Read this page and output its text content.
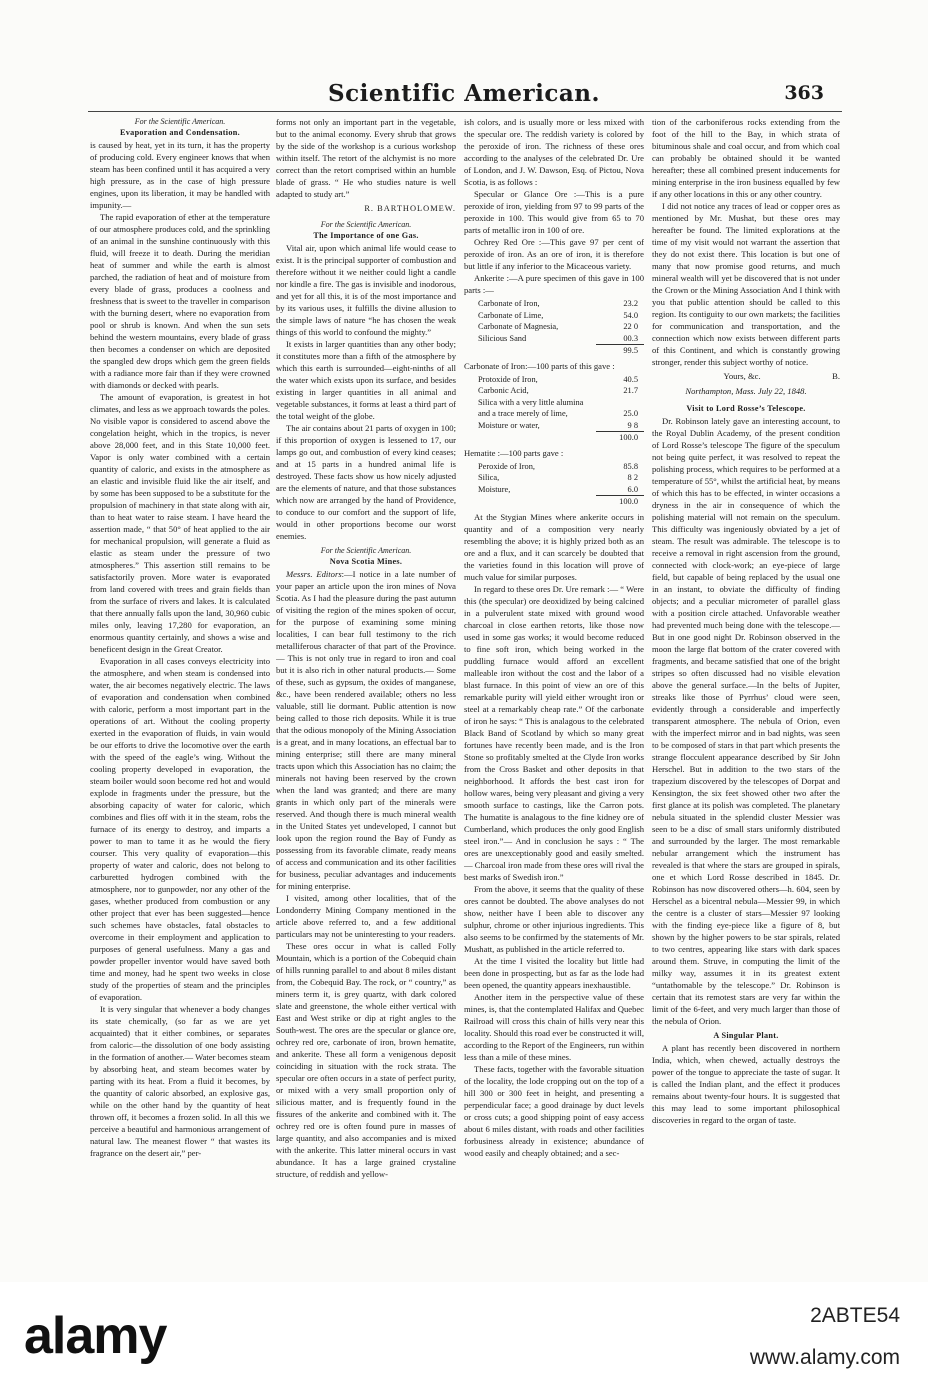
Scientific American.	363
For the Scientific American.
Evaporation and Condensation.

is caused by heat, yet in its turn, it has the property of producing cold. Every engineer knows that when steam has been confined until it has acquired a very high pressure, as in the case of high pressure engines, upon its liberation, it may be handled with impunity.—

The rapid evaporation of ether at the temperature of our atmosphere produces cold, and the sprinkling of an animal in the sunshine continuously with this fluid, will freeze it to death. During the meridian heat of summer and while the earth is almost parched, the radiation of heat and of moisture from every blade of grass, produces a coolness and freshness that is sweet to the traveller in comparison with the burning desert, where no evaporation from pool or shrub is known. And when the sun sets behind the western mountains, every blade of grass then becomes a condenser on which are deposited the spangled dew drops which gem the green fields with a radiance more fair than if they were crowned with diamonds or decked with pearls.

The amount of evaporation, is greatest in hot climates, and less as we approach towards the poles. No visible vapor is considered to ascend above the congelation height, which in the tropics, is never above 28,000 feet, and in this State 10,000 feet. Vapor is only water combined with a certain quantity of caloric, and exists in the atmosphere as an elastic and invisible fluid like the air itself, and by some has been supposed to be a substitute for the propulsion of machinery in that state along with air, than to heat water to raise steam. I have heard the assertion made, “ that 50° of heat applied to the air for mechanical propulsion, will generate a fluid as elastic as steam under the pressure of two atmospheres.” This assertion still remains to be satisfactorily proven. More water is evaporated from land covered with trees and grain fields than from the surface of rivers and lakes. It is calculated that there annually falls upon the land, 30,960 cubic miles only, leaving 17,280 for evaporation, an enormous quantity certainly, and shows a wise and beneficent design in the Great Creator.

Evaporation in all cases conveys electricity into the atmosphere, and when steam is condensed into water, the air becomes negatively electric. The laws of evaporation and condensation when combined with caloric, perform a most important part in the operations of art. Without the cooling property exerted in the evaporation of fluids, in vain would be our efforts to drive the locomotive over the earth with the speed of the eagle’s wing. Without the cooling property developed in evaporation, the steam boiler would soon become red hot and would explode in fragments under the pressure, but the absorbing capacity of water for caloric, which combines and flies off with it in the steam, robs the furnace of its energy to destroy, and imparts a power to man to tame it as he would the fiery courser. This very quality of evaporation—this property of water and caloric, does not belong to carburetted hydrogen combined with the atmosphere, nor to gunpowder, nor any other of the gases, whether produced from combustion or any other project that ever has been suggested—hence such schemes have obstacles, fatal obstacles to overcome in their employment and application to purposes of general usefulness. Many a gas and powder propeller inventor would have saved both time and money, had he spent two weeks in close study of the properties of steam and the principles of evaporation.

It is very singular that whenever a body changes its state chemically, (so far as we are yet acquainted) that it either combines, or separates from caloric—the dissolution of one body assisting in the formation of another.— Water becomes steam by absorbing heat, and steam becomes water by parting with its heat. From a fluid it becomes, by the quantity of caloric absorbed, an explosive gas, while on the other hand by the quantity of heat thrown off, it becomes a frozen solid. In all this we perceive a beautiful and harmonious arrangement of natural law. The meanest flower “ that wastes its fragrance on the desert air,” per-

forms not only an important part in the vegetable, but to the animal economy. Every shrub that grows by the side of the workshop is a curious workshop within itself. The retort of the alchymist is no more correct than the retort comprised within an humble blade of grass. “ He who studies nature is well adapted to study art.”

R. BARTHOLOMEW.
For the Scientific American.
The Importance of one Gas.

Vital air, upon which animal life would cease to exist. It is the principal supporter of combustion and therefore without it we neither could light a candle nor kindle a fire. The gas is invisible and inodorous, and yet for all this, it is of the most importance and by its various uses, it fulfills the divine allusion to the simple laws of nature “he has chosen the weak things of this world to confound the mighty.”

It exists in larger quantities than any other body; it constitutes more than a fifth of the atmosphere by which this earth is surrounded—eight-ninths of all the water which exists upon its surface, and besides existing in larger quantities in all animal and vegetable substances, it forms at least a third part of the total weight of the globe.

The air contains about 21 parts of oxygen in 100; if this proportion of oxygen is lessened to 17, our lamps go out, and combustion of every kind ceases; and at 15 parts in a hundred animal life is destroyed. These facts show us how nicely adjusted are the elements of nature, and that those substances which now are arranged by the hand of Providence, to conduce to our comfort and the support of life, would in other proportions become our worst enemies.

For the Scientific American.
Nova Scotia Mines.

Messrs. Editors:—I notice in a late number of your paper an article upon the iron mines of Nova Scotia. As I had the pleasure during the past autumn of visiting the region of the mines spoken of occur, for the purpose of examining some mining localities, I can bear full testimony to the rich metalliferous character of that part of the Province.— This is not only true in regard to iron and coal but it is also rich in other natural products.— Some of these, such as gypsum, the oxides of manganese, &c., have been rendered available; others no less valuable, still lie dormant. Public attention is now being called to those rich deposits. While it is true that the odious monopoly of the Mining Association is a great, and in many locations, an effectual bar to mining enterprise; still there are many mineral tracts upon which this Association has no claim; the minerals not having been reserved by the crown when the land was granted; and there are many grants in which only part of the minerals were reserved. And though there is much mineral wealth in the United States yet undeveloped, I cannot but look upon the region round the Bay of Fundy as possessing from its favorable climate, ready means of access and communication and its other facilities for business, peculiar advantages and inducements for mining enterprise.

I visited, among other localities, that of the Londonderry Mining Company mentioned in the article above referred to, and a few additional particulars may not be uninteresting to your readers.

These ores occur in what is called Folly Mountain, which is a portion of the Cobequid chain of hills running parallel to and about 8 miles distant from, the Cobequid Bay. The rock, or “ country,” as miners term it, is grey quartz, with dark colored slate and greenstone, the whole either vertical with East and West strike or dip at right angles to the South-west. The ores are the specular or glance ore, ochrey red ore, carbonate of iron, brown hematite, and ankerite. These all form a venigenous deposit coinciding in situation with the rock strata. The specular ore often occurs in a state of perfect purity, or mixed with a very small proportion only of silicious matter, and is frequently found in the fissures of the ankerite and combined with it. The ochrey red ore is often found pure in masses of large quantity, and also accompanies and is mixed with the ankerite. This latter mineral occurs in vast abundance. It has a large grained crystaline structure, of reddish and yellow-

ish colors, and is usually more or less mixed with the specular ore. The reddish variety is colored by the peroxide of iron. The richness of these ores according to the analyses of the celebrated Dr. Ure of London, and J. W. Dawson, Esq. of Pictou, Nova Scotia, is as follows :

Specular or Glance Ore :—This is a pure peroxide of iron, yielding from 97 to 99 parts of the peroxide in 100. This would give from 65 to 70 parts of metallic iron in 100 of ore.

Ochrey Red Ore :—This gave 97 per cent of peroxide of iron. As an ore of iron, it is therefore but little if any inferior to the Micaceous variety.

Ankerite :—A pure specimen of this gave in 100 parts :—

Carbonate of Iron,	23.2
Carbonate of Lime,	54.0
Carbonate of Magnesia,	22 0
Silicious Sand	00.3
	99.5

Carbonate of Iron:—100 parts of this gave :

Protoxide of Iron,	40.5
Carbonic Acid,	21.7
Silica with a very little alumina	
and a trace merely of lime,	25.0
Moisture or water,	9 8
	100.0

Hematite :—100 parts gave :

Peroxide of Iron,	85.8
Silica,	8 2
Moisture,	6.0
	100.0

At the Stygian Mines where ankerite occurs in quantity and of a composition very nearly resembling the above; it is highly prized both as an ore and a flux, and it can scarcely be doubted that the varieties found in this location will prove of much value for similar purposes.

In regard to these ores Dr. Ure remark :— “ Were this (the specular) ore deoxidized by being calcined in a pulverulent state mixed with ground wood charcoal in close earthen retorts, like those now used in some gas works; it would become reduced to fine soft iron, which being worked in the puddling furnace would afford an excellent malleable iron without the cost and the labor of a blast furnace. In this point of view an ore of this remarkable purity will yield either wrought iron or steel at a remarkably cheap rate.” Of the carbonate of iron he says: “ This is analagous to the celebrated Black Band of Scotland by which so many great fortunes have recently been made, and is the Iron Stone so profitably smelted at the Clyde Iron works from the Cross Basket and other deposits in that neighborhood. It affords the best cast iron for hollow wares, being very pleasant and giving a very smooth surface to castings, like the Carron pots. The humatite is analagous to the fine kidney ore of Cumberland, which produces the only good English steel iron.”— And in conclusion he says : “ The ores are unexceptionably good and easily smelted.— Charcoal iron made from these ores will rival the best marks of Swedish iron.”

From the above, it seems that the quality of these ores cannot be doubted. The above analyses do not show, neither have I been able to discover any sulphur, chrome or other injurious ingredients. This also seems to be confirmed by the statements of Mr. Mushatt, as published in the article referred to.

At the time I visited the locality but little had been done in prospecting, but as far as the lode had been opened, the quantity appears inexhaustible.

Another item in the perspective value of these mines, is, that the contemplated Halifax and Quebec Railroad will cross this chain of hills very near this locality. Should this road ever be constructed it will, according to the Report of the Engineers, run within less than a mile of these mines.

These facts, together with the favorable situation of the locality, the lode cropping out on the top of a hill 300 or 300 feet in height, and presenting a perpendicular face; a good drainage by duct levels or cross cuts; a good shipping point of easy access about 6 miles distant, with roads and other facilities forbusiness already in existence; abundance of wood easily and cheaply obtained; and a sec-

tion of the carboniferous rocks extending from the foot of the hill to the Bay, in which strata of bituminous shale and coal occur, and from which coal can probably be obtained should it be wanted hereafter; these all combined present inducements for mining enterprise in the iron business equalled by few if any other locations in this or any other country.

I did not notice any traces of lead or copper ores as mentioned by Mr. Mushat, but these ores may hereafter be found. The limited explorations at the time of my visit would not warrant the assertion that they do not exist there. This location is but one of many that now promise good returns, and much mineral wealth will yet be discovered that is not under the Crown or the Mining Association And I think with you that public attention should be called to this region. Its contiguity to our own markets; the facilities for communication and transportation, and the connection which now exists between different parts of this Continent, and which is constantly growing stronger, render this subject worthy of notice.

Yours, &c.	B.
Northampton, Mass. July 22, 1848.
Visit to Lord Rosse’s Telescope.

Dr. Robinson lately gave an interesting account, to the Royal Dublin Academy, of the present condition of Lord Rosse’s telescope The figure of the speculum not being quite perfect, it was resolved to repeat the polishing process, which requires to be performed at a temperature of 55°, whilst the artificial heat, by means of which this has to be effected, in winter occasions a dryness in the air in consequence of which the polishing material will not remain on the speculum. This difficulty was ingeniously obviated by a jet of steam. The result was admirable. The telescope is to receive a removal in right ascension from the ground, connected with clock-work; an eye-piece of large field, but capable of being replaced by the usual one in an instant, to obviate the difficulty of finding objects; and a peculiar micrometer of parallel glass with a position circle attached. Unfavorable weather had prevented much being done with the telescope.—But in one good night Dr. Robinson observed in the moon the large flat bottom of the crater covered with fragments, and became satisfied that one of the bright stripes so often discussed had no visible elevation above the general surface.—In the belts of Jupiter, streaks like those of Pyrrhus’ cloud were seen, evidently through a considerable and imperfectly transparent atmosphere. The nebula of Orion, even with the imperfect mirror and in bad nights, was seen to be composed of stars in that part which presents the strange flocculent appearance described by Sir John Herschel. But in addition to the two stars of the trapezium discovered by the telescopes of Dorpat and Kensington, the six feet showed other two after the first glance at its polish was completed. The planetary nebula situated in the splendid cluster Messier was seen to be a disc of small stars uniformly distributed and surrounded by the larger. The most remarkable nebular arrangement which the instrument has revealed is that where the stars are grouped in spirals, one et which Lord Rosse described in 1845. Dr. Robinson has now discovered others—h. 604, seen by Herschel as a bicentral nebula—Messier 99, in which the centre is a cluster of stars—Messier 97 looking with the finding eye-piece like a figure of 8, but shown by the higher powers to be star spirals, related to two centres, appearing like stars with dark spaces around them. Struve, in computing the limit of the milky way, assumes it in its greatest extent “untathomable by the telescope.” Dr. Robinson is certain that its remotest stars are very far within the limit of the 6-feet, and very much larger than those of the nebula of Orion.

A Singular Plant.

A plant has recently been discovered in northern India, which, when chewed, actually destroys the power of the tongue to appreciate the taste of sugar. It is called the Indian plant, and the effect it produces remains about twenty-four hours. It is suggested that this may lead to some important philosophical discoveries in regard to the organ of taste.

alamy	2ABTE54
www.alamy.com
